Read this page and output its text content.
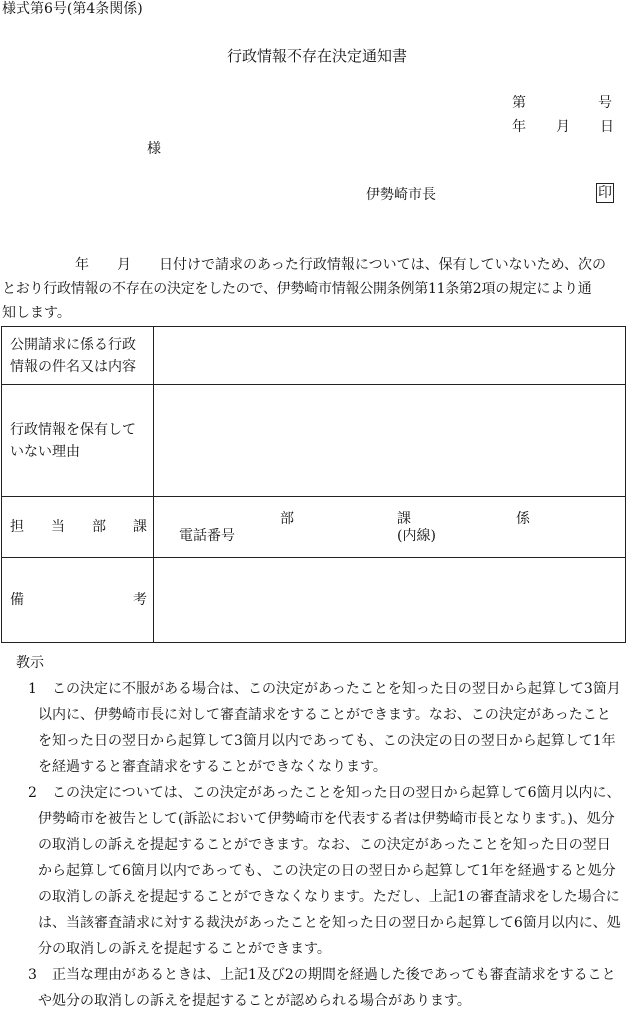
様式第6号(第4条関係)
行政情報不存在決定通知書
第	号
年 月 日
様
伊勢崎市長	印
年　　月　　日付けで請求のあった行政情報については、保有していないため、次の
とおり行政情報の不存在の決定をしたので、伊勢崎市情報公開条例第11条第2項の規定により通
知します。
公開請求に係る行政
情報の件名又は内容	

行政情報を保有して
いない理由	

担 当 部 課	部 課 係
電話番号 (内線)

備 考	

教示
1 この決定に不服がある場合は、この決定があったことを知った日の翌日から起算して3箇月以内に、伊勢崎市長に対して審査請求をすることができます。なお、この決定があったことを知った日の翌日から起算して3箇月以内であっても、この決定の日の翌日から起算して1年を経過すると審査請求をすることができなくなります。
2 この決定については、この決定があったことを知った日の翌日から起算して6箇月以内に、伊勢崎市を被告として(訴訟において伊勢崎市を代表する者は伊勢崎市長となります。)、処分の取消しの訴えを提起することができます。なお、この決定があったことを知った日の翌日から起算して6箇月以内であっても、この決定の日の翌日から起算して1年を経過すると処分の取消しの訴えを提起することができなくなります。ただし、上記1の審査請求をした場合には、当該審査請求に対する裁決があったことを知った日の翌日から起算して6箇月以内に、処分の取消しの訴えを提起することができます。
3 正当な理由があるときは、上記1及び2の期間を経過した後であっても審査請求をすることや処分の取消しの訴えを提起することが認められる場合があります。
